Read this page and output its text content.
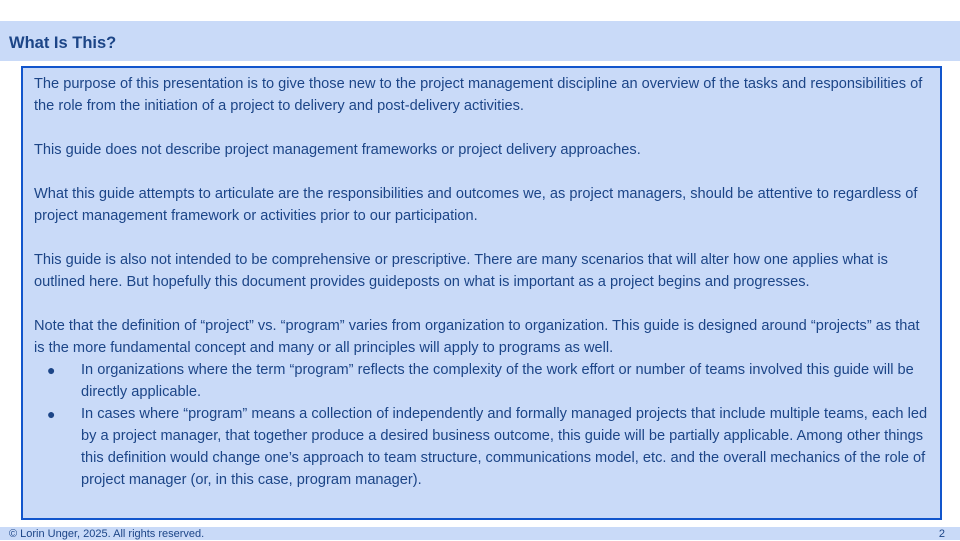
What Is This?

The purpose of this presentation is to give those new to the project management discipline an overview of the tasks and responsibilities of the role from the initiation of a project to delivery and post-delivery activities.

This guide does not describe project management frameworks or project delivery approaches.

What this guide attempts to articulate are the responsibilities and outcomes we, as project managers, should be attentive to regardless of project management framework or activities prior to our participation.

This guide is also not intended to be comprehensive or prescriptive. There are many scenarios that will alter how one applies what is outlined here. But hopefully this document provides guideposts on what is important as a project begins and progresses.

Note that the definition of “project” vs. “program” varies from organization to organization. This guide is designed around “projects” as that is the more fundamental concept and many or all principles will apply to programs as well.

● In organizations where the term “program” reflects the complexity of the work effort or number of teams involved this guide will be directly applicable.
● In cases where “program” means a collection of independently and formally managed projects that include multiple teams, each led by a project manager, that together produce a desired business outcome, this guide will be partially applicable. Among other things this definition would change one’s approach to team structure, communications model, etc. and the overall mechanics of the role of project manager (or, in this case, program manager).
© Lorin Unger, 2025. All rights reserved.	2
